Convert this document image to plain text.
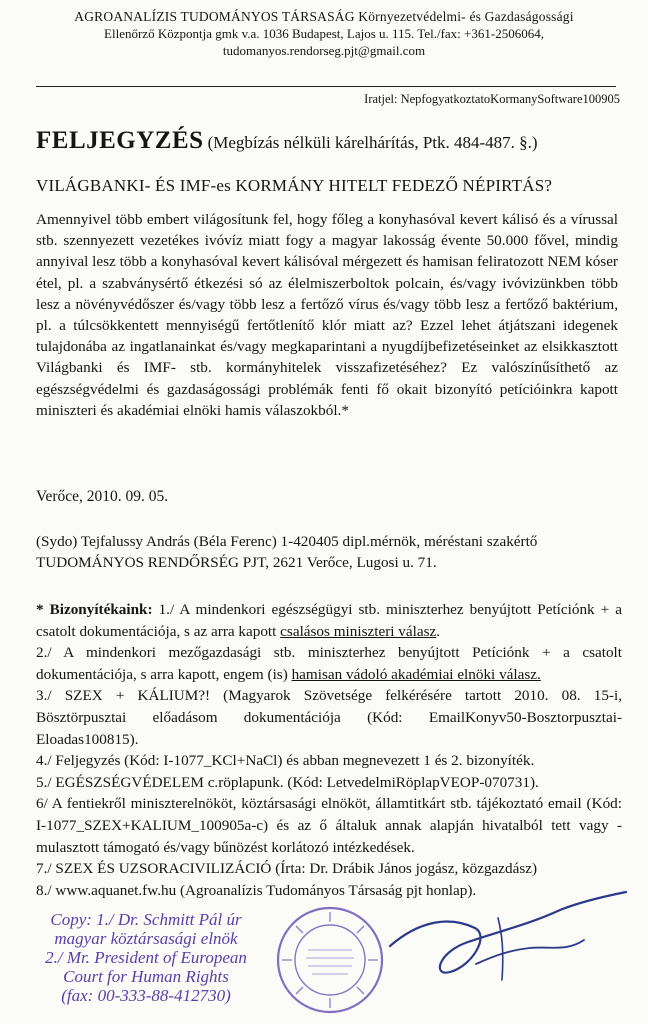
AGROANALÍZIS TUDOMÁNYOS TÁRSASÁG Környezetvédelmi- és Gazdaságossági
Ellenőrző Központja gmk v.a. 1036 Budapest, Lajos u. 115. Tel./fax: +361-2506064,
tudomanyos.rendorseg.pjt@gmail.com
Iratjel: NepfogyatkoztatoKormanySoftware100905
FELJEGYZÉS (Megbízás nélküli kárelhárítás, Ptk. 484-487. §.)
VILÁGBANKI- ÉS IMF-es KORMÁNY HITELT FEDEZŐ NÉPIRTÁS?
Amennyivel több embert világosítunk fel, hogy főleg a konyhasóval kevert kálisó és a vírussal stb. szennyezett vezetékes ivóvíz miatt fogy a magyar lakosság évente 50.000 fővel, mindig annyival lesz több a konyhasóval kevert kálisóval mérgezett és hamisan feliratozott NEM kóser étel, pl. a szabványsértő étkezési só az élelmiszerboltok polcain, és/vagy ivóvizünkben több lesz a növényvédőszer és/vagy több lesz a fertőző vírus és/vagy több lesz a fertőző baktérium, pl. a túlcsökkentett mennyiségű fertőtlenítő klór miatt az? Ezzel lehet átjátszani idegenek tulajdonába az ingatlanainkat és/vagy megkaparintani a nyugdíjbefizetéseinket az elsikkasztott Világbanki és IMF- stb. kormányhitelek visszafizetéséhez? Ez valószínűsíthető az egészségvédelmi és gazdaságossági problémák fenti fő okait bizonyító petícióinkra kapott miniszteri és akadémiai elnöki hamis válaszokból.*
Verőce, 2010. 09. 05.
(Sydo) Tejfalussy András (Béla Ferenc) 1-420405 dipl.mérnök, méréstani szakértő
TUDOMÁNYOS RENDŐRSÉG PJT, 2621 Verőce, Lugosi u. 71.

* Bizonyítékaink: 1./ A mindenkori egészségügyi stb. miniszterhez benyújtott Petíciónk + a csatolt dokumentációja, s az arra kapott csalásos miniszteri válasz.

2./ A mindenkori mezőgazdasági stb. miniszterhez benyújtott Petíciónk + a csatolt dokumentációja, s arra kapott, engem (is) hamisan vádoló akadémiai elnöki válasz.

3./ SZEX + KÁLIUM?! (Magyarok Szövetsége felkérésére tartott 2010. 08. 15-i, Bösztörpusztai előadásom dokumentációja (Kód: EmailKonyv50-Bosztorpusztai-Eloadas100815).

4./ Feljegyzés (Kód: I-1077_KCl+NaCl) és abban megnevezett 1 és 2. bizonyíték.

5./ EGÉSZSÉGVÉDELEM c.röplapunk. (Kód: LetvedelmiRöplapVEOP-070731).

6/ A fentiekről miniszterelnököt, köztársasági elnököt, államtitkárt stb. tájékoztató email (Kód: I-1077_SZEX+KALIUM_100905a-c) és az ő általuk annak alapján hivatalból tett vagy -mulasztott támogató és/vagy bűnözést korlátozó intézkedések.

7./ SZEX ÉS UZSORACIVILIZÁCIÓ (Írta: Dr. Drábik János jogász, közgazdász)

8./ www.aquanet.fw.hu (Agroanalízis Tudományos Társaság pjt honlap).

Copy: 1./ Dr. Schmitt Pál úr
magyar köztársasági elnök
2./ Mr. President of European
Court for Human Rights
(fax: 00-333-88-412730)
